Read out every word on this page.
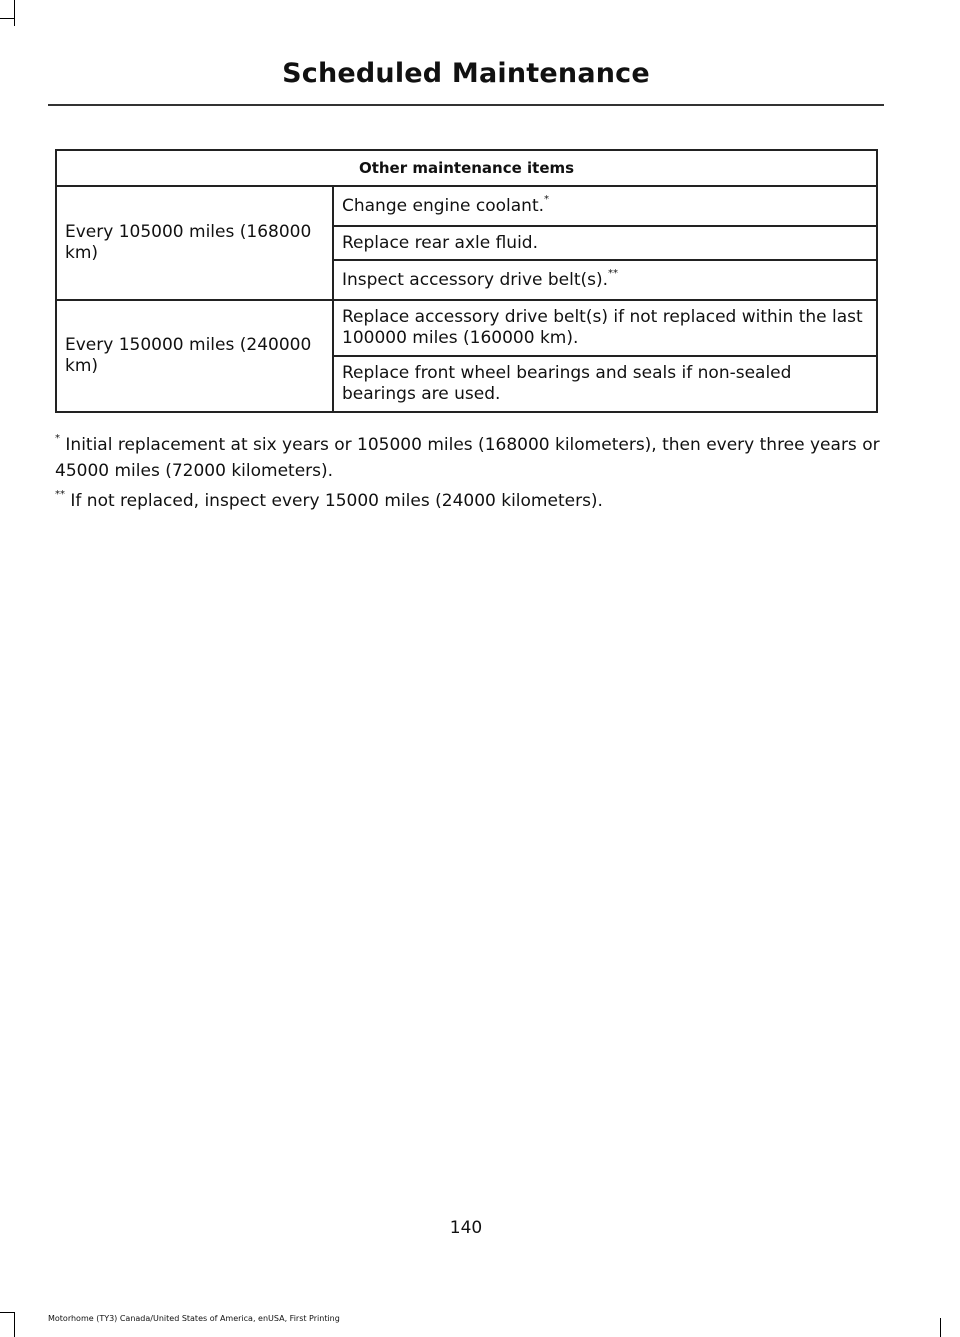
Scheduled Maintenance
Other maintenance items	
Every 105000 miles (168000 km)	Change engine coolant.*
	Replace rear axle fluid.
	Inspect accessory drive belt(s).**
Every 150000 miles (240000 km)	Replace accessory drive belt(s) if not replaced within the last 100000 miles (160000 km).
	Replace front wheel bearings and seals if non-sealed bearings are used.

* Initial replacement at six years or 105000 miles (168000 kilometers), then every three years or 45000 miles (72000 kilometers).

** If not replaced, inspect every 15000 miles (24000 kilometers).

140
Motorhome (TY3) Canada/United States of America, enUSA, First Printing
